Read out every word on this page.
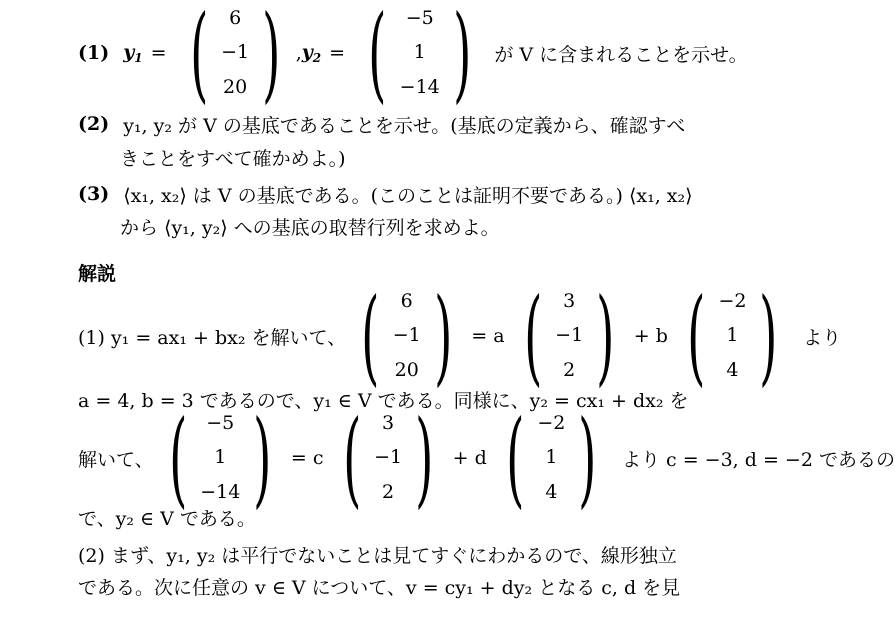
(1) $y_1$ = ( 6
−1
20 ) , $y_2$ = ( −5
1
−14 ) が V に含まれることを示せ。
(2) y₁, y₂ が V の基底であることを示せ。(基底の定義から、確認すべ
きことをすべて確かめよ。)
(3) ⟨x₁, x₂⟩ は V の基底である。(このことは証明不要である。) ⟨x₁, x₂⟩
から ⟨y₁, y₂⟩ への基底の取替行列を求めよ。
解説
(1) y₁ = ax₁ + bx₂ を解いて、 ( 6
−1
20 ) = a ( 3
−1
2 ) + b ( −2
1
4 ) より
a = 4, b = 3 であるので、y₁ ∈ V である。同様に、y₂ = cx₁ + dx₂ を
解いて、 ( −5
1
−14 ) = c ( 3
−1
2 ) + d ( −2
1
4 ) より c = −3, d = −2 であるの
で、y₂ ∈ V である。
(2) まず、y₁, y₂ は平行でないことは見てすぐにわかるので、線形独立
である。次に任意の v ∈ V について、v = cy₁ + dy₂ となる c, d を見
